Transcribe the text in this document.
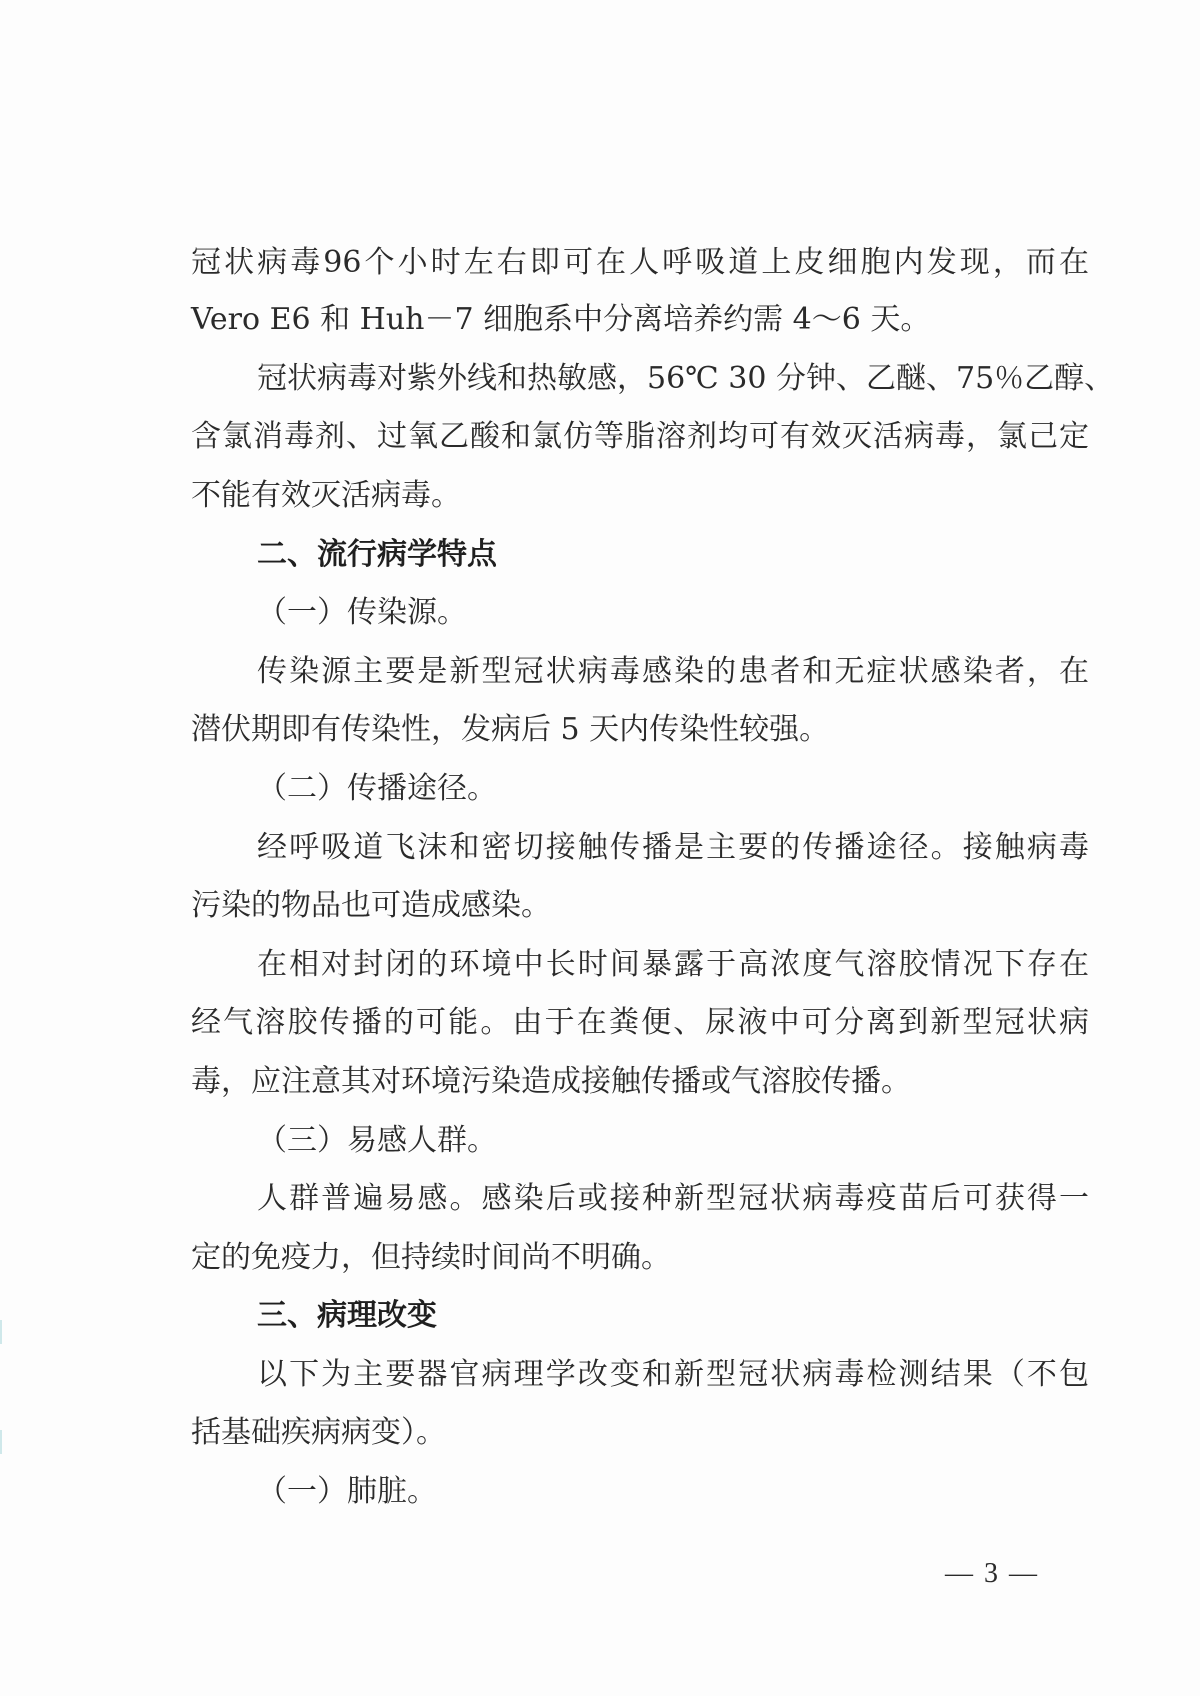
冠状病毒96个小时左右即可在人呼吸道上皮细胞内发现，而在
Vero E6 和 Huh－7 细胞系中分离培养约需 4～6 天。
冠状病毒对紫外线和热敏感，56℃ 30 分钟、乙醚、75％乙醇、
含氯消毒剂、过氧乙酸和氯仿等脂溶剂均可有效灭活病毒，氯己定
不能有效灭活病毒。
二、流行病学特点
（一）传染源。
传染源主要是新型冠状病毒感染的患者和无症状感染者，在
潜伏期即有传染性，发病后 5 天内传染性较强。
（二）传播途径。
经呼吸道飞沫和密切接触传播是主要的传播途径。接触病毒
污染的物品也可造成感染。
在相对封闭的环境中长时间暴露于高浓度气溶胶情况下存在
经气溶胶传播的可能。由于在粪便、尿液中可分离到新型冠状病
毒，应注意其对环境污染造成接触传播或气溶胶传播。
（三）易感人群。
人群普遍易感。感染后或接种新型冠状病毒疫苗后可获得一
定的免疫力，但持续时间尚不明确。
三、病理改变
以下为主要器官病理学改变和新型冠状病毒检测结果（不包
括基础疾病病变）。
（一）肺脏。
— 3 —
